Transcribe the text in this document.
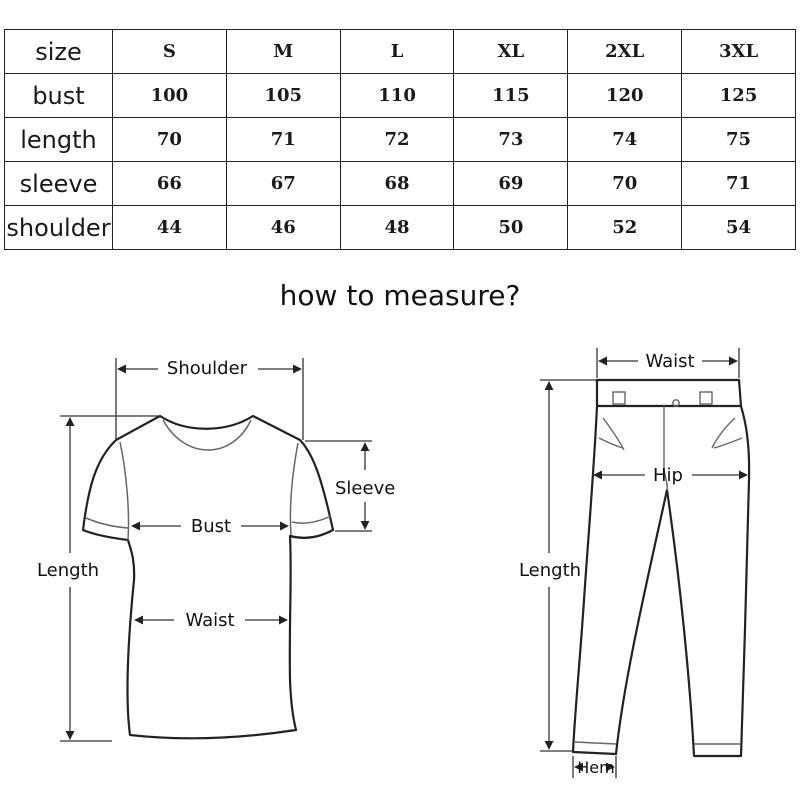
size	S	M	L	XL	2XL	3XL
bust	100	105	110	115	120	125
length	70	71	72	73	74	75
sleeve	66	67	68	69	70	71
shoulder	44	46	48	50	52	54
how to measure?
Shoulder
Sleeve
Bust
Waist
Length
Waist
Hip
Length
Hem
